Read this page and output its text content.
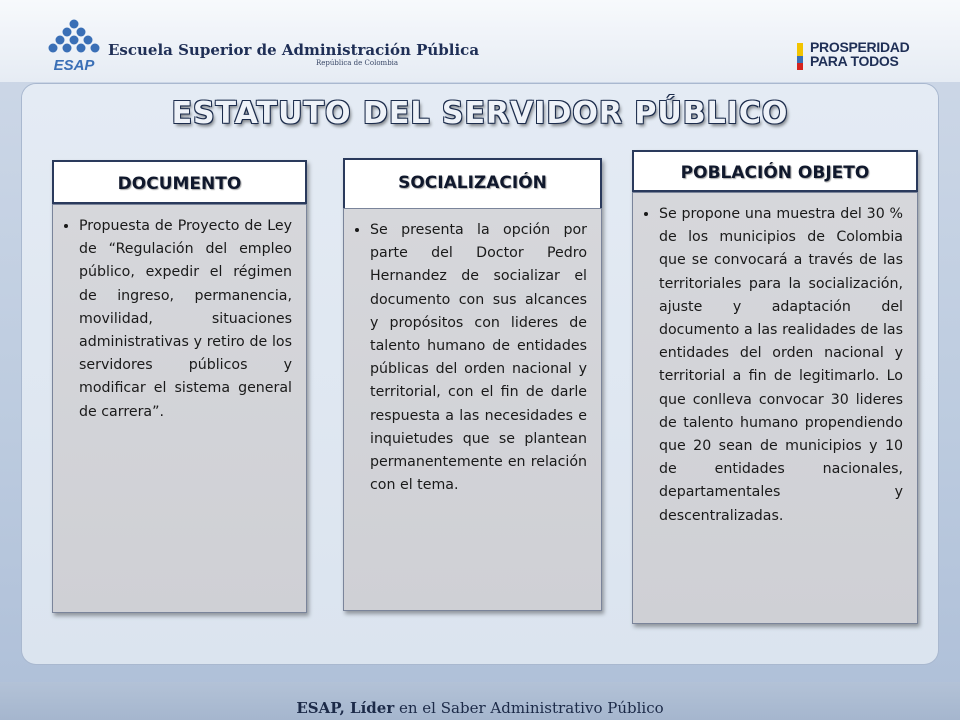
ESAP
Escuela Superior de Administración Pública
República de Colombia
PROSPERIDAD
PARA TODOS
ESTATUTO DEL SERVIDOR PÚBLICO
DOCUMENTO
• Propuesta de Proyecto de Ley de “Regulación del empleo público, expedir el régimen de ingreso, permanencia, movilidad, situaciones administrativas y retiro de los servidores públicos y modificar el sistema general de carrera”.
SOCIALIZACIÓN
• Se presenta la opción por parte del Doctor Pedro Hernandez de socializar el documento con sus alcances y propósitos con lideres de talento humano de entidades públicas del orden nacional y territorial, con el fin de darle respuesta a las necesidades e inquietudes que se plantean permanentemente en relación con el tema.
POBLACIÓN OBJETO
• Se propone una muestra del 30 % de los municipios de Colombia que se convocará a través de las territoriales para la socialización, ajuste y adaptación del documento a las realidades de las entidades del orden nacional y territorial a fin de legitimarlo. Lo que conlleva convocar 30 lideres de talento humano propendiendo que 20 sean de municipios y 10 de entidades nacionales, departamentales y descentralizadas.
ESAP, Líder en el Saber Administrativo Público
